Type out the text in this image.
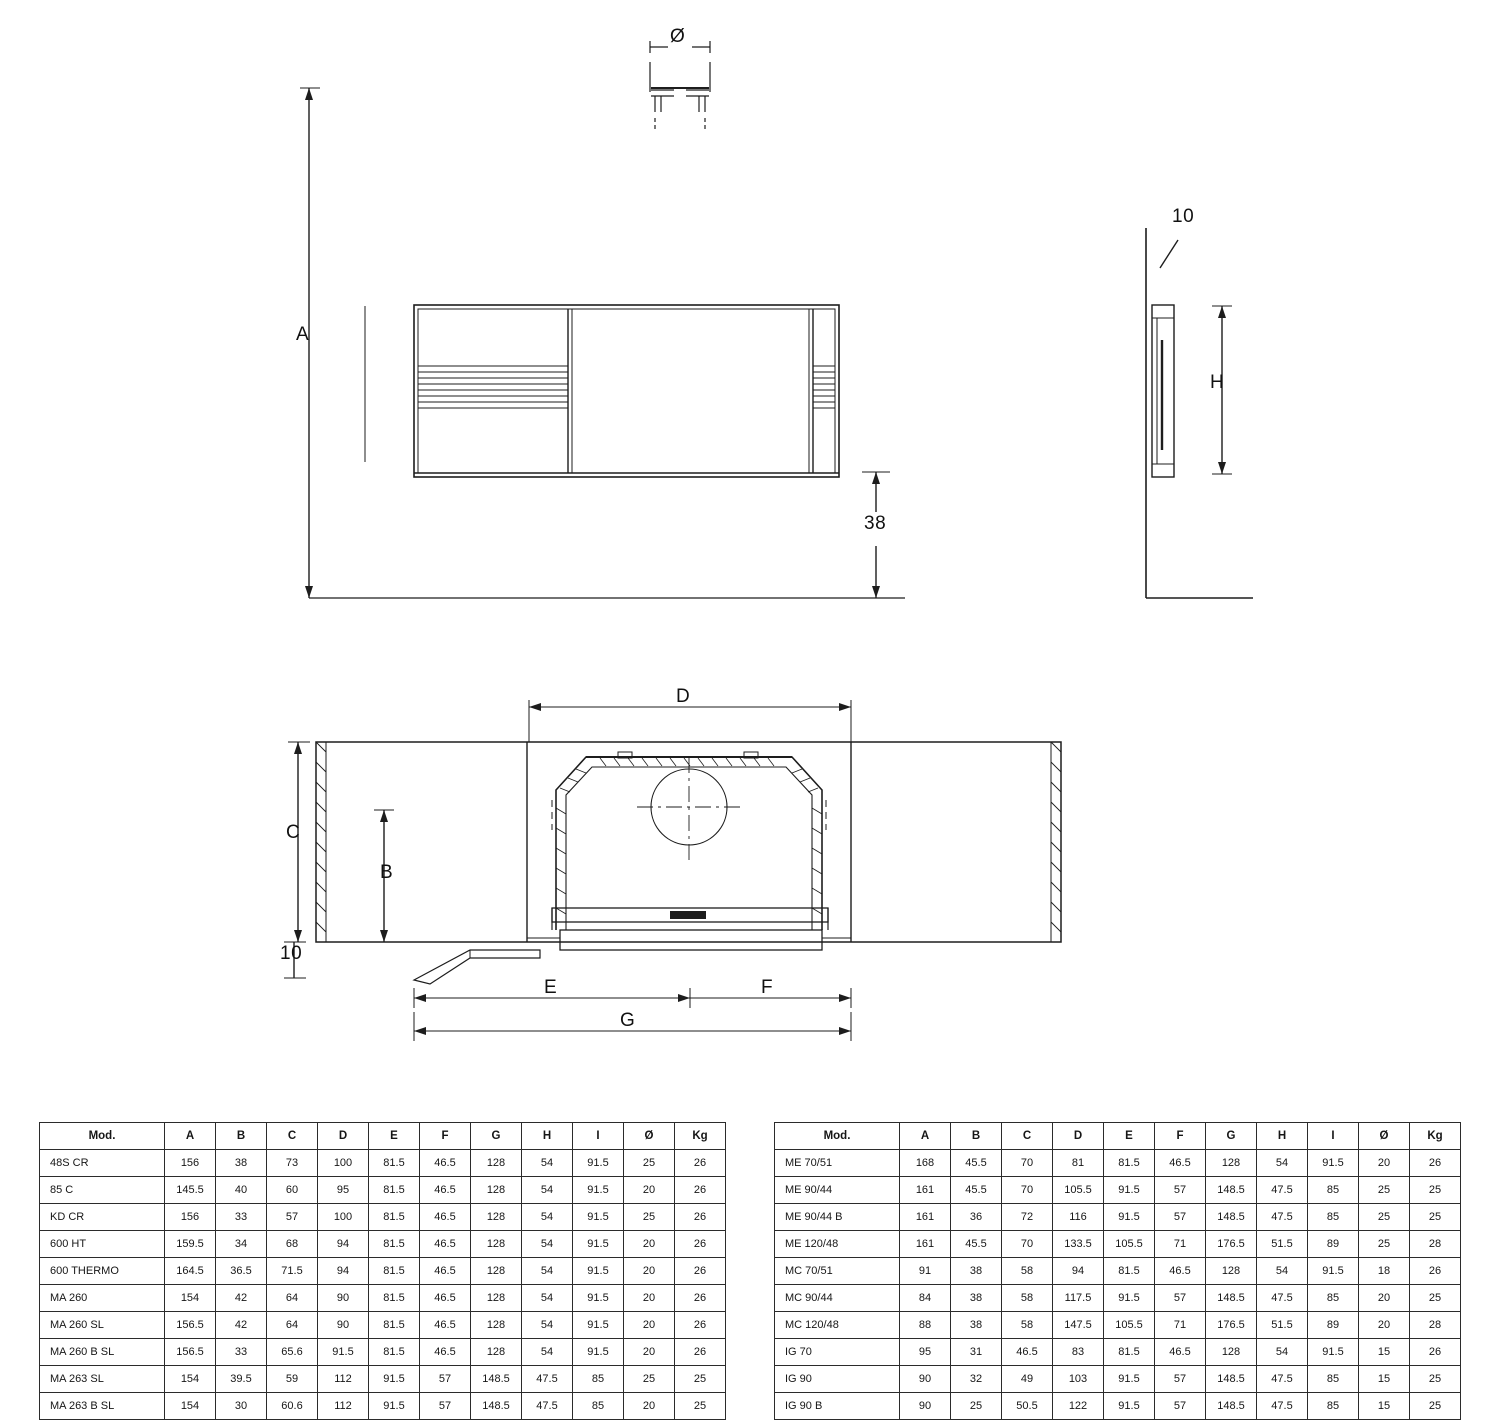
Ø
A
38
10
H
D
C
B
10
E	F
G
Mod.	A	B	C	D	E	F	G	H	I	Ø	Kg
48S CR	156	38	73	100	81.5	46.5	128	54	91.5	25	26
85 C	145.5	40	60	95	81.5	46.5	128	54	91.5	20	26
KD CR	156	33	57	100	81.5	46.5	128	54	91.5	25	26
600 HT	159.5	34	68	94	81.5	46.5	128	54	91.5	20	26
600 THERMO	164.5	36.5	71.5	94	81.5	46.5	128	54	91.5	20	26
MA 260	154	42	64	90	81.5	46.5	128	54	91.5	20	26
MA 260 SL	156.5	42	64	90	81.5	46.5	128	54	91.5	20	26
MA 260 B SL	156.5	33	65.6	91.5	81.5	46.5	128	54	91.5	20	26
MA 263 SL	154	39.5	59	112	91.5	57	148.5	47.5	85	25	25
MA 263 B SL	154	30	60.6	112	91.5	57	148.5	47.5	85	20	25
Mod.	A	B	C	D	E	F	G	H	I	Ø	Kg
ME 70/51	168	45.5	70	81	81.5	46.5	128	54	91.5	20	26
ME 90/44	161	45.5	70	105.5	91.5	57	148.5	47.5	85	25	25
ME 90/44 B	161	36	72	116	91.5	57	148.5	47.5	85	25	25
ME 120/48	161	45.5	70	133.5	105.5	71	176.5	51.5	89	25	28
MC 70/51	91	38	58	94	81.5	46.5	128	54	91.5	18	26
MC 90/44	84	38	58	117.5	91.5	57	148.5	47.5	85	20	25
MC 120/48	88	38	58	147.5	105.5	71	176.5	51.5	89	20	28
IG 70	95	31	46.5	83	81.5	46.5	128	54	91.5	15	26
IG 90	90	32	49	103	91.5	57	148.5	47.5	85	15	25
IG 90 B	90	25	50.5	122	91.5	57	148.5	47.5	85	15	25
